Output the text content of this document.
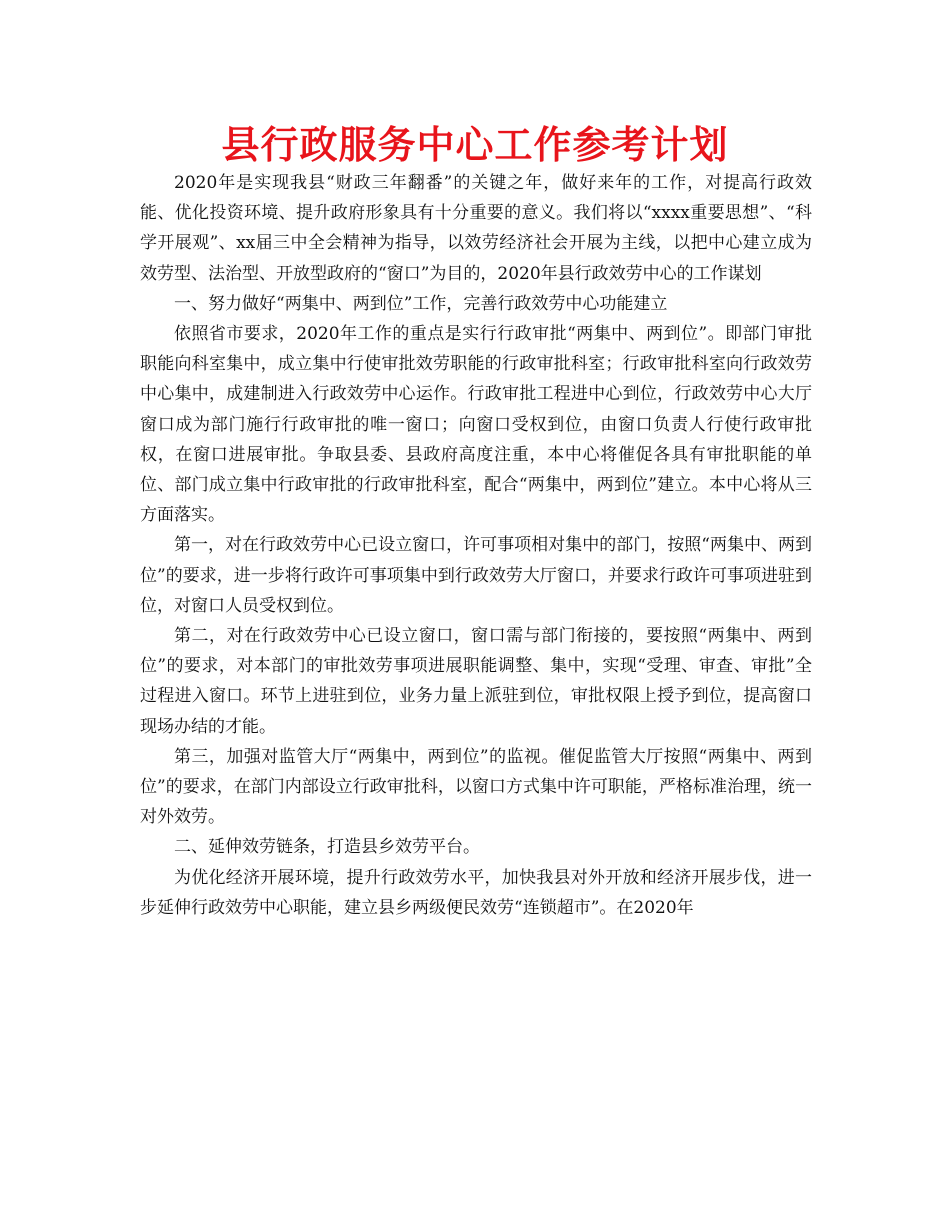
县行政服务中心工作参考计划

2020年是实现我县“财政三年翻番”的关键之年，做好来年的工作，对提高行政效能、优化投资环境、提升政府形象具有十分重要的意义。我们将以“xxxx重要思想”、“科学开展观”、xx届三中全会精神为指导，以效劳经济社会开展为主线，以把中心建立成为效劳型、法治型、开放型政府的“窗口”为目的，2020年县行政效劳中心的工作谋划

一、努力做好“两集中、两到位”工作，完善行政效劳中心功能建立

依照省市要求，2020年工作的重点是实行行政审批“两集中、两到位”。即部门审批职能向科室集中，成立集中行使审批效劳职能的行政审批科室；行政审批科室向行政效劳中心集中，成建制进入行政效劳中心运作。行政审批工程进中心到位，行政效劳中心大厅窗口成为部门施行行政审批的唯一窗口；向窗口受权到位，由窗口负责人行使行政审批权，在窗口进展审批。争取县委、县政府高度注重，本中心将催促各具有审批职能的单位、部门成立集中行政审批的行政审批科室，配合“两集中，两到位”建立。本中心将从三方面落实。

第一，对在行政效劳中心已设立窗口，许可事项相对集中的部门，按照“两集中、两到位”的要求，进一步将行政许可事项集中到行政效劳大厅窗口，并要求行政许可事项进驻到位，对窗口人员受权到位。

第二，对在行政效劳中心已设立窗口，窗口需与部门衔接的，要按照“两集中、两到位”的要求，对本部门的审批效劳事项进展职能调整、集中，实现“受理、审查、审批”全过程进入窗口。环节上进驻到位，业务力量上派驻到位，审批权限上授予到位，提高窗口现场办结的才能。

第三，加强对监管大厅“两集中，两到位”的监视。催促监管大厅按照“两集中、两到位”的要求，在部门内部设立行政审批科，以窗口方式集中许可职能，严格标准治理，统一对外效劳。

二、延伸效劳链条，打造县乡效劳平台。

为优化经济开展环境，提升行政效劳水平，加快我县对外开放和经济开展步伐，进一步延伸行政效劳中心职能，建立县乡两级便民效劳“连锁超市”。在2020年
